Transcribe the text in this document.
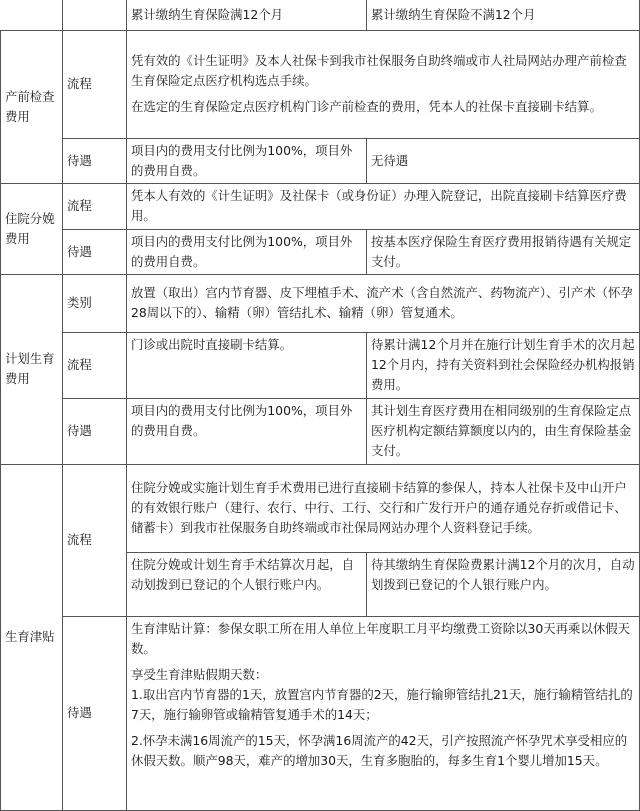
		累计缴纳生育保险满12个月	累计缴纳生育保险不满12个月
产前检查费用	流程	凭有效的《计生证明》及本人社保卡到我市社保服务自助终端或市人社局网站办理产前检查生育保险定点医疗机构选点手续。

在选定的生育保险定点医疗机构门诊产前检查的费用，凭本人的社保卡直接刷卡结算。	

	待遇	项目内的费用支付比例为100%，项目外的费用自费。	无待遇
住院分娩费用	流程	凭本人有效的《计生证明》及社保卡（或身份证）办理入院登记，出院直接刷卡结算医疗费用。	
	待遇	项目内的费用支付比例为100%，项目外的费用自费。	按基本医疗保险生育医疗费用报销待遇有关规定支付。
计划生育费用	类别	放置（取出）宫内节育器、皮下埋植手术、流产术（含自然流产、药物流产）、引产术（怀孕28周以下的）、输精（卵）管结扎术、输精（卵）管复通术。	
	流程	门诊或出院时直接刷卡结算。	待累计满12个月并在施行计划生育手术的次月起12个月内，持有关资料到社会保险经办机构报销费用。
	待遇	项目内的费用支付比例为100%，项目外的费用自费。	其计划生育医疗费用在相同级别的生育保险定点医疗机构定额结算额度以内的，由生育保险基金支付。
生育津贴	流程	住院分娩或实施计划生育手术费用已进行直接刷卡结算的参保人，持本人社保卡及中山开户的有效银行账户（建行、农行、中行、工行、交行和广发行开户的通存通兑存折或借记卡、储蓄卡）到我市社保服务自助终端或市社保局网站办理个人资料登记手续。	
		住院分娩或计划生育手术结算次月起，自动划拨到已登记的个人银行账户内。	待其缴纳生育保险费累计满12个月的次月，自动划拨到已登记的个人银行账户内。
	待遇	生育津贴计算：参保女职工所在用人单位上年度职工月平均缴费工资除以30天再乘以休假天数。

享受生育津贴假期天数：

1.取出宫内节育器的1天，放置宫内节育器的2天，施行输卵管结扎21天，施行输精管结扎的7天，施行输卵管或输精管复通手术的14天；

2.怀孕未满16周流产的15天，怀孕满16周流产的42天，引产按照流产怀孕咒术享受相应的休假天数。顺产98天，难产的增加30天，生育多胞胎的，每多生育1个婴儿增加15天。	
